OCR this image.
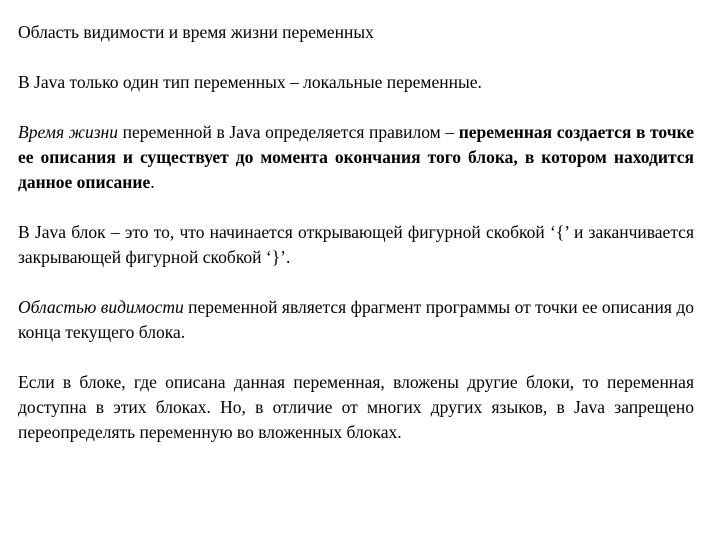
Область видимости и время жизни переменных
В Java только один тип переменных – локальные переменные.
Время жизни переменной в Java определяется правилом – переменная создается в точке ее описания и существует до момента окончания того блока, в котором находится данное описание.
В Java блок – это то, что начинается открывающей фигурной скобкой ‘{’ и заканчивается закрывающей фигурной скобкой ‘}’.
Областью видимости переменной является фрагмент программы от точки ее описания до конца текущего блока.
Если в блоке, где описана данная переменная, вложены другие блоки, то переменная доступна в этих блоках. Но, в отличие от многих других языков, в Java запрещено переопределять переменную во вложенных блоках.
